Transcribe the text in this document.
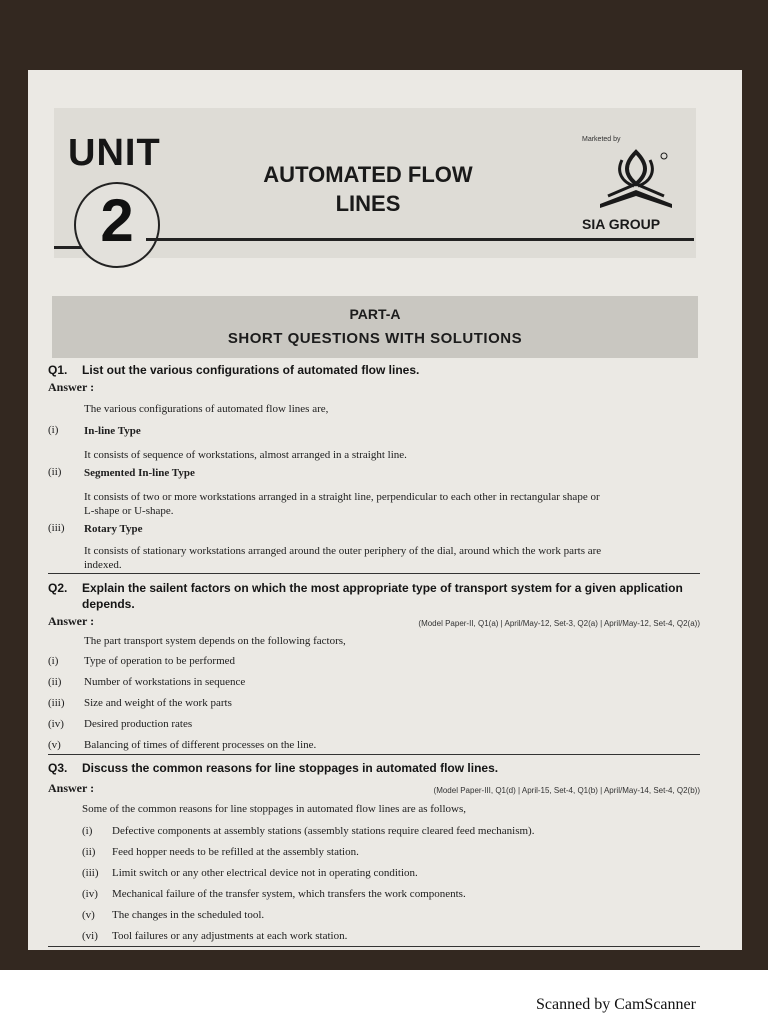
UNIT
2
AUTOMATED FLOW
LINES
Marketed by
SIA GROUP
PART-A
SHORT QUESTIONS WITH SOLUTIONS
Q1. List out the various configurations of automated flow lines.
Answer :
The various configurations of automated flow lines are,
(i) In-line Type
It consists of sequence of workstations, almost arranged in a straight line.
(ii) Segmented In-line Type
It consists of two or more workstations arranged in a straight line, perpendicular to each other in rectangular shape or
L-shape or U-shape.
(iii) Rotary Type
It consists of stationary workstations arranged around the outer periphery of the dial, around which the work parts are
indexed.
Q2. Explain the sailent factors on which the most appropriate type of transport system for a given application
depends.
Answer :	(Model Paper-II, Q1(a) | April/May-12, Set-3, Q2(a) | April/May-12, Set-4, Q2(a))
The part transport system depends on the following factors,
(i) Type of operation to be performed
(ii) Number of workstations in sequence
(iii) Size and weight of the work parts
(iv) Desired production rates
(v) Balancing of times of different processes on the line.
Q3. Discuss the common reasons for line stoppages in automated flow lines.
Answer :	(Model Paper-III, Q1(d) | April-15, Set-4, Q1(b) | April/May-14, Set-4, Q2(b))
Some of the common reasons for line stoppages in automated flow lines are as follows,
(i) Defective components at assembly stations (assembly stations require cleared feed mechanism).
(ii) Feed hopper needs to be refilled at the assembly station.
(iii) Limit switch or any other electrical device not in operating condition.
(iv) Mechanical failure of the transfer system, which transfers the work components.
(v) The changes in the scheduled tool.
(vi) Tool failures or any adjustments at each work station.
Scanned by CamScanner
